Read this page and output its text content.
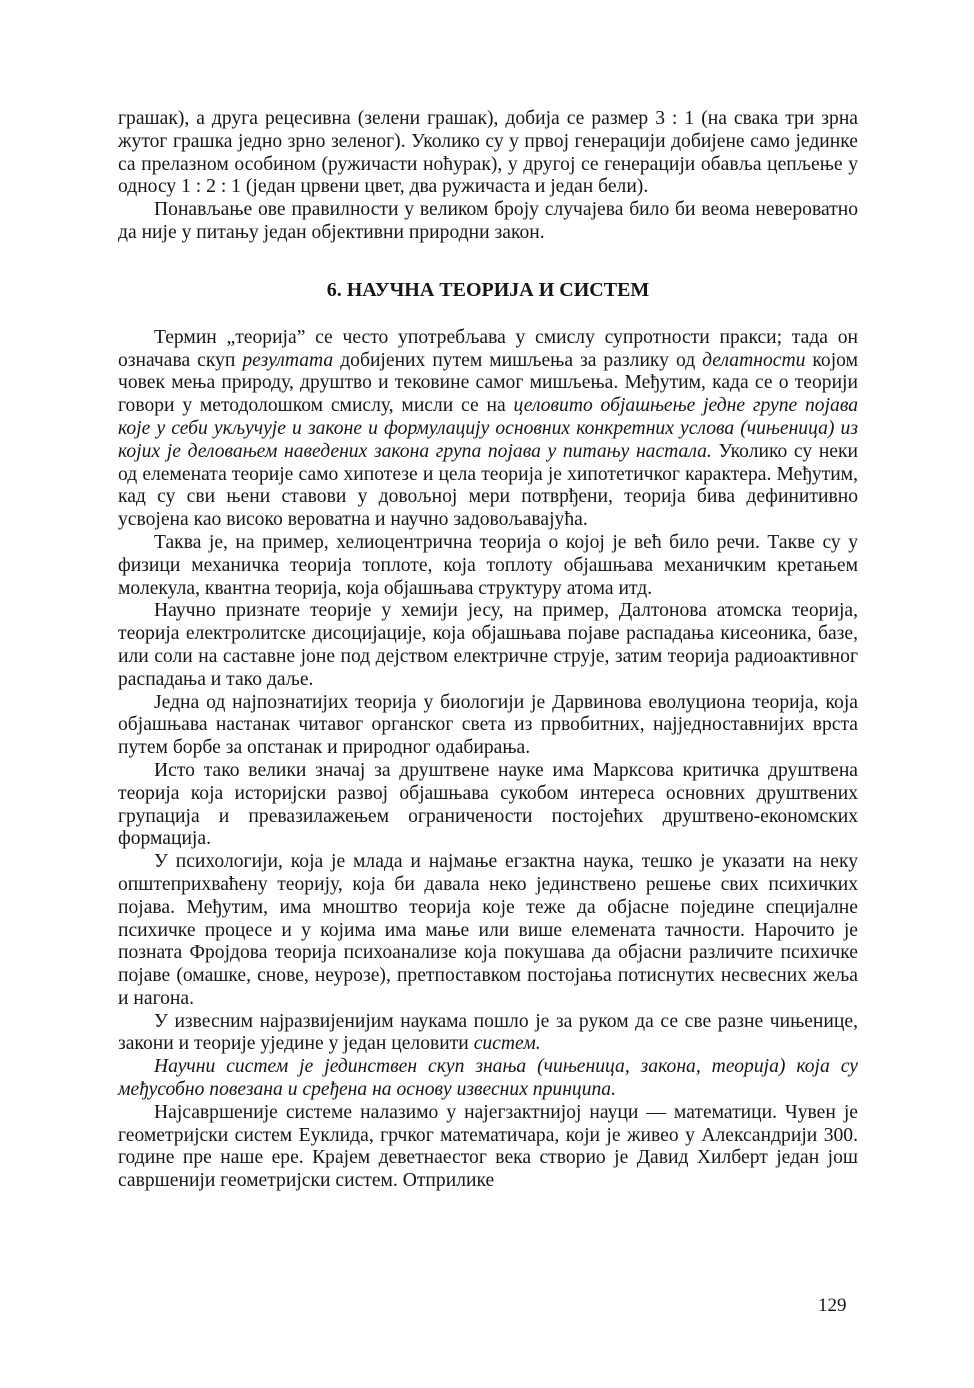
грашак), а друга рецесивна (зелени грашак), добија се размер 3 : 1 (на свака три зрна жутог грашка једно зрно зеленог). Уколико су у првој генерацији добијене само јединке са прелазном особином (ружичасти ноћурак), у другој се генерацији обавља цепљење у односу 1 : 2 : 1 (један црвени цвет, два ружичаста и један бели).

Понављање ове правилности у великом броју случајева било би веома невероватно да није у питању један објективни природни закон.

6. НАУЧНА ТЕОРИЈА И СИСТЕМ

Термин „теорија” се често употребљава у смислу супротности пракси; тада он означава скуп резултата добијених путем мишљења за разлику од делатности којом човек мења природу, друштво и тековине самог мишљења. Међутим, када се о теорији говори у методолошком смислу, мисли се на целовито објашњење једне групе појава које у себи укључује и законе и формулацију основних конкретних услова (чињеница) из којих је деловањем наведених закона група појава у питању настала. Уколико су неки од елемената теорије само хипотезе и цела теорија је хипотетичког карактера. Међутим, кад су сви њени ставови у довољној мери потврђени, теорија бива дефинитивно усвојена као високо вероватна и научно задовољавајућа.

Таква је, на пример, хелиоцентрична теорија о којој је већ било речи. Такве су у физици механичка теорија топлоте, која топлоту објашњава механичким кретањем молекула, квантна теорија, која објашњава структуру атома итд.

Научно признате теорије у хемији јесу, на пример, Далтонова атомска теорија, теорија електролитске дисоцијације, која објашњава појаве распадања кисеоника, базе, или соли на саставне јоне под дејством електричне струје, затим теорија радиоактивног распадања и тако даље.

Једна од најпознатијих теорија у биологији је Дарвинова еволуциона теорија, која објашњава настанак читавог органског света из првобитних, најједноставнијих врста путем борбе за опстанак и природног одабирања.

Исто тако велики значај за друштвене науке има Марксова критичка друштвена теорија која историјски развој објашњава сукобом интереса основних друштвених групација и превазилажењем ограничености постојећих друштвено-економских формација.

У психологији, која је млада и најмање егзактна наука, тешко је указати на неку општеприхваћену теорију, која би давала неко јединствено решење свих психичких појава. Међутим, има мноштво теорија које теже да објасне поједине специјалне психичке процесе и у којима има мање или више елемената тачности. Нарочито је позната Фројдова теорија психоанализе која покушава да објасни различите психичке појаве (омашке, снове, неурозе), претпоставком постојања потиснутих несвесних жеља и нагона.

У извесним најразвијенијим наукама пошло је за руком да се све разне чињенице, закони и теорије уједине у један целовити систем.

Научни систем је јединствен скуп знања (чињеница, закона, теорија) која су међусобно повезана и сређена на основу извесних принципа.

Најсавршеније системе налазимо у најегзактнијој науци — математици. Чувен је геометријски систем Еуклида, грчког математичара, који је живео у Александрији 300. године пре наше ере. Крајем деветнаестог века створио је Давид Хилберт један још савршенији геометријски систем. Отприлике

129
